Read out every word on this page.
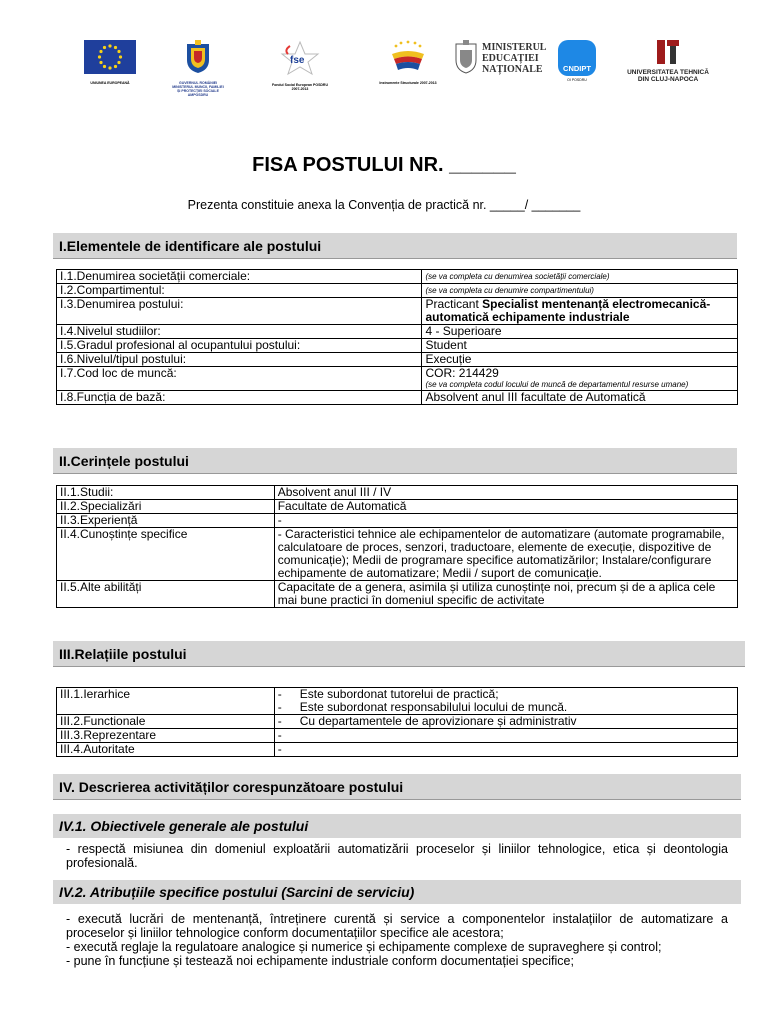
UNIUNEA EUROPEANĂ	GUVERNUL ROMÂNIEI MINISTERUL MUNCII, FAMILIEI ȘI PROTECȚIEI SOCIALE AMPOSDRU
fse
Fondul Social European POSDRU 2007-2013
Instrumente Structurale 2007-2013
MINISTERUL
EDUCAȚIEI
NAȚIONALE	CNDIPT
OI POSDRU
UNIVERSITATEA TEHNICĂ DIN CLUJ-NAPOCA
FISA POSTULUI NR. ______
Prezenta constituie anexa la Convenția de practică nr. _____/ _______
I.Elementele de identificare ale postului
I.1.Denumirea societății comerciale:	(se va completa cu denumirea societății comerciale)
I.2.Compartimentul:	(se va completa cu denumire compartimentului)
I.3.Denumirea postului:	Practicant Specialist mentenanță electromecanică-automatică echipamente industriale
I.4.Nivelul studiilor:	4 - Superioare
I.5.Gradul profesional al ocupantului postului:	Student
I.6.Nivelul/tipul postului:	Execuție
I.7.Cod loc de muncă:	COR: 214429
(se va completa codul locului de muncă de departamentul resurse umane)

I.8.Funcția de bază:	Absolvent anul III facultate de Automatică
II.Cerințele postului
II.1.Studii:	Absolvent anul III / IV
II.2.Specializări	Facultate de Automatică
II.3.Experiență	-
II.4.Cunoștințe specifice	- Caracteristici tehnice ale echipamentelor de automatizare (automate programabile, calculatoare de proces, senzori, traductoare, elemente de execuție, dispozitive de comunicație); Medii de programare specifice automatizărilor; Instalare/configurare echipamente de automatizare; Medii / suport de comunicație.
II.5.Alte abilități	Capacitate de a genera, asimila și utiliza cunoștințe noi, precum și de a aplica cele mai bune practici în domeniul specific de activitate
III.Relațiile postului
III.1.Ierarhice	- Este subordonat tutorelui de practică;
- Este subordonat responsabilului locului de muncă.

III.2.Functionale	- Cu departamentele de aprovizionare și administrativ

III.3.Reprezentare	-
III.4.Autoritate	-
IV. Descrierea activităților corespunzătoare postului
IV.1. Obiectivele generale ale postului
- respectă misiunea din domeniul exploatării automatizării proceselor și liniilor tehnologice, etica și deontologia profesională.
IV.2. Atribuțiile specifice postului (Sarcini de serviciu)
- execută lucrări de mentenanță, întreținere curentă și service a componentelor instalațiilor de automatizare a proceselor și liniilor tehnologice conform documentațiilor specifice ale acestora;
- execută reglaje la regulatoare analogice și numerice și echipamente complexe de supraveghere și control;
- pune în funcțiune și testează noi echipamente industriale conform documentației specifice;
